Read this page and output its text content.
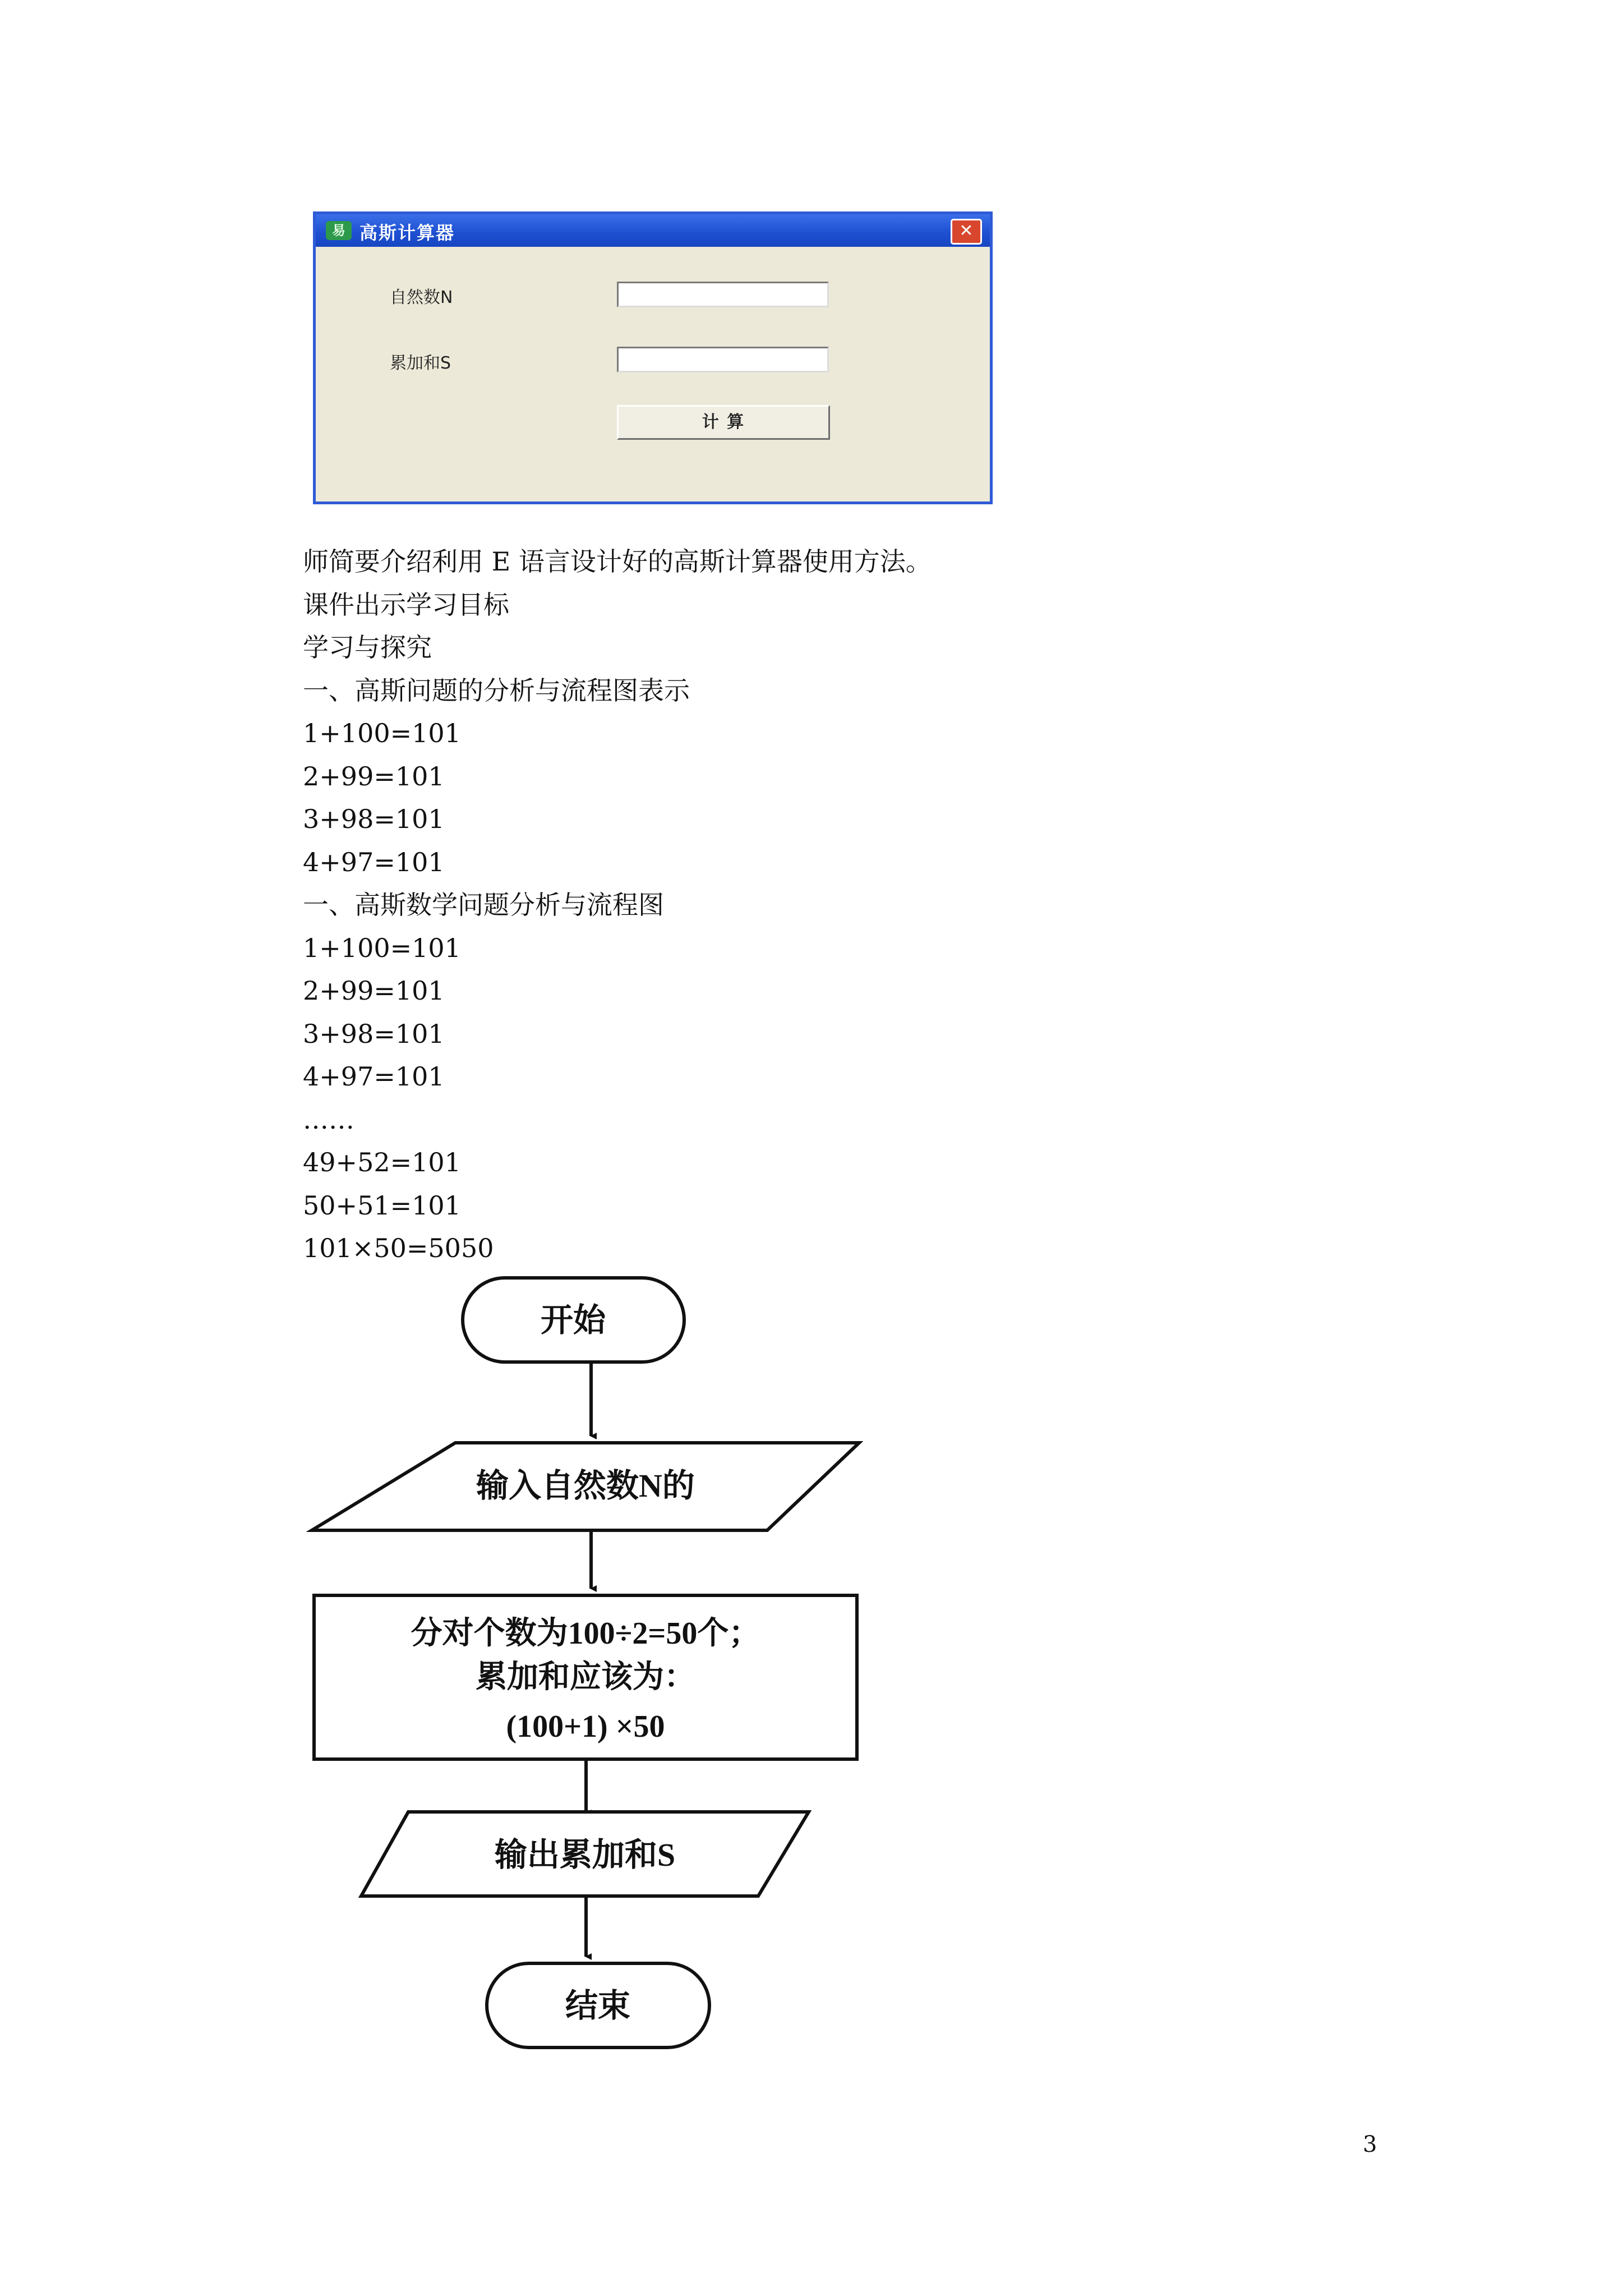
易 高斯计算器	✕
自然数N
累加和S
计 算

师简要介绍利用 E 语言设计好的高斯计算器使用方法。

课件出示学习目标

学习与探究

一、高斯问题的分析与流程图表示

1+100=101

2+99=101

3+98=101

4+97=101

一、高斯数学问题分析与流程图

1+100=101

2+99=101

3+98=101

4+97=101

……

49+52=101

50+51=101

101×50=5050

开始
输入自然数N的
分对个数为100÷2=50个；
累加和应该为：
(100+1) ×50
输出累加和S
结束
3
